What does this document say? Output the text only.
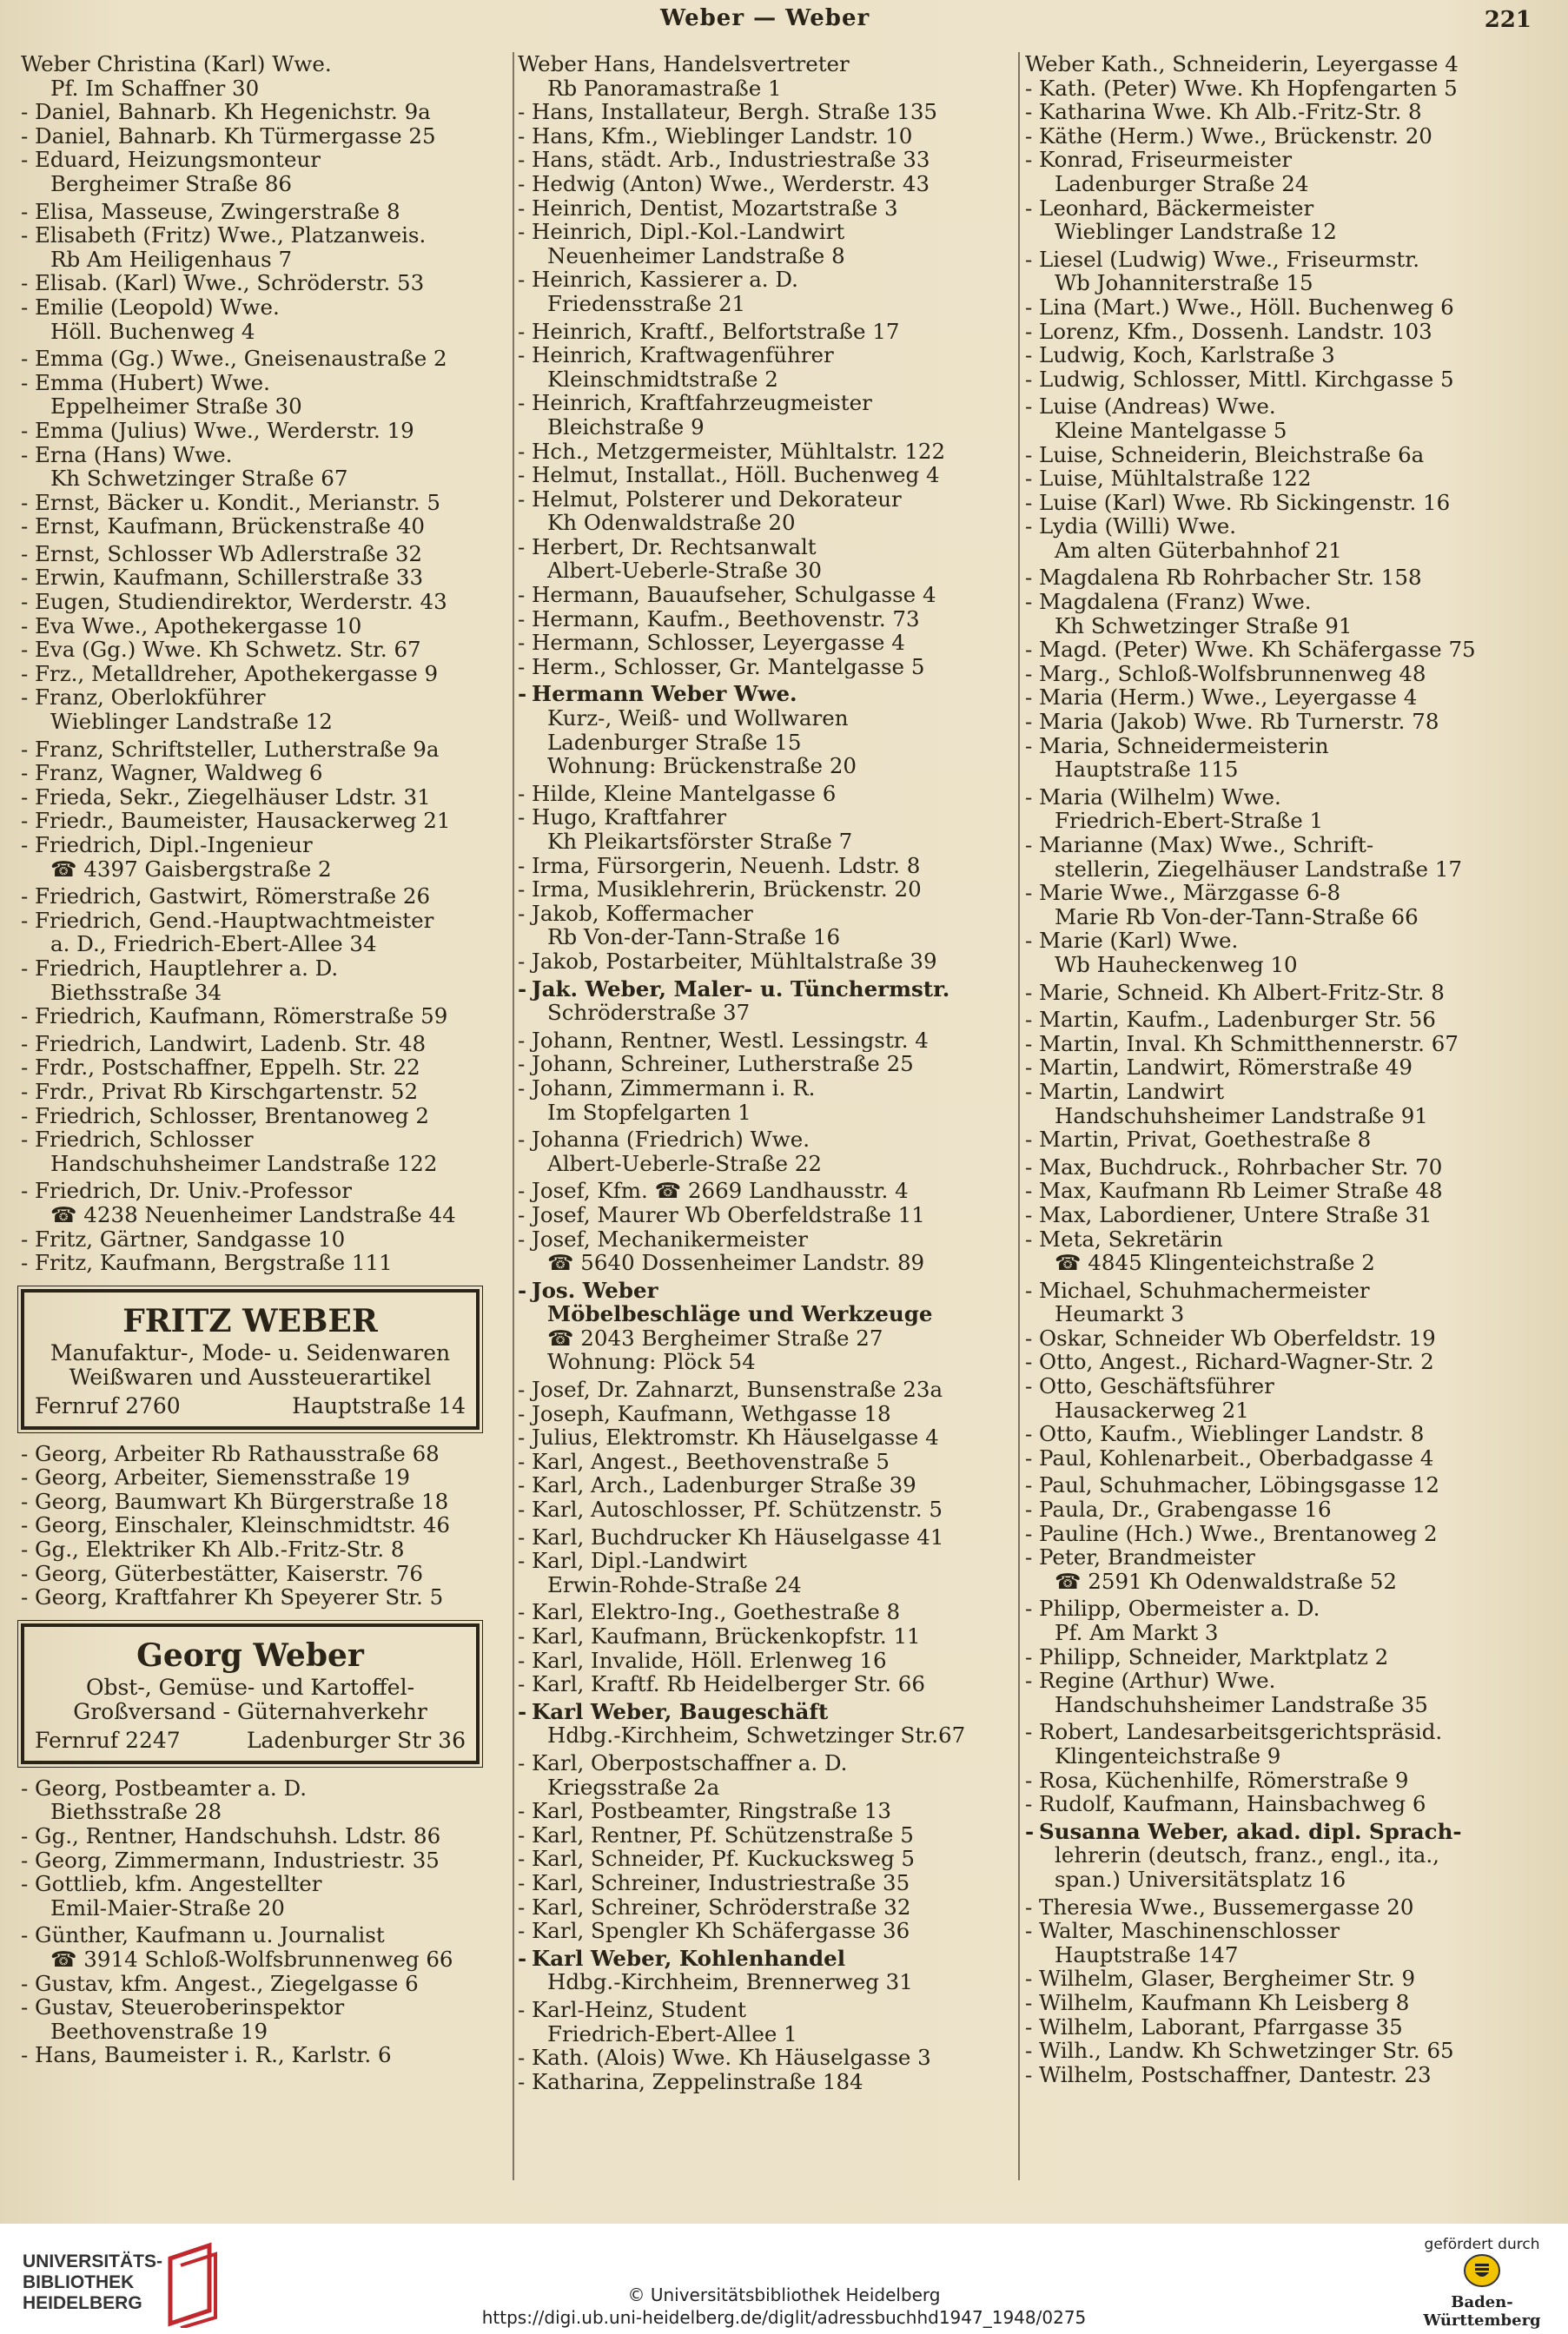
Weber — Weber	221
Weber Christina (Karl) Wwe.
Pf. Im Schaffner 30
- Daniel, Bahnarb. Kh Hegenichstr. 9a
- Daniel, Bahnarb. Kh Türmergasse 25
- Eduard, Heizungsmonteur
Bergheimer Straße 86
- Elisa, Masseuse, Zwingerstraße 8
- Elisabeth (Fritz) Wwe., Platzanweis.
Rb Am Heiligenhaus 7
- Elisab. (Karl) Wwe., Schröderstr. 53
- Emilie (Leopold) Wwe.
Höll. Buchenweg 4
- Emma (Gg.) Wwe., Gneisenaustraße 2
- Emma (Hubert) Wwe.
Eppelheimer Straße 30
- Emma (Julius) Wwe., Werderstr. 19
- Erna (Hans) Wwe.
Kh Schwetzinger Straße 67
- Ernst, Bäcker u. Kondit., Merianstr. 5
- Ernst, Kaufmann, Brückenstraße 40
- Ernst, Schlosser Wb Adlerstraße 32
- Erwin, Kaufmann, Schillerstraße 33
- Eugen, Studiendirektor, Werderstr. 43
- Eva Wwe., Apothekergasse 10
- Eva (Gg.) Wwe. Kh Schwetz. Str. 67
- Frz., Metalldreher, Apothekergasse 9
- Franz, Oberlokführer
Wieblinger Landstraße 12
- Franz, Schriftsteller, Lutherstraße 9a
- Franz, Wagner, Waldweg 6
- Frieda, Sekr., Ziegelhäuser Ldstr. 31
- Friedr., Baumeister, Hausackerweg 21
- Friedrich, Dipl.-Ingenieur
☎ 4397 Gaisbergstraße 2
- Friedrich, Gastwirt, Römerstraße 26
- Friedrich, Gend.-Hauptwachtmeister
a. D., Friedrich-Ebert-Allee 34
- Friedrich, Hauptlehrer a. D.
Biethsstraße 34
- Friedrich, Kaufmann, Römerstraße 59
- Friedrich, Landwirt, Ladenb. Str. 48
- Frdr., Postschaffner, Eppelh. Str. 22
- Frdr., Privat Rb Kirschgartenstr. 52
- Friedrich, Schlosser, Brentanoweg 2
- Friedrich, Schlosser
Handschuhsheimer Landstraße 122
- Friedrich, Dr. Univ.-Professor
☎ 4238 Neuenheimer Landstraße 44
- Fritz, Gärtner, Sandgasse 10
- Fritz, Kaufmann, Bergstraße 111
FRITZ WEBER
Manufaktur-, Mode- u. Seidenwaren
Weißwaren und Aussteuerartikel
Fernruf 2760	Hauptstraße 14
- Georg, Arbeiter Rb Rathausstraße 68
- Georg, Arbeiter, Siemensstraße 19
- Georg, Baumwart Kh Bürgerstraße 18
- Georg, Einschaler, Kleinschmidtstr. 46
- Gg., Elektriker Kh Alb.-Fritz-Str. 8
- Georg, Güterbestätter, Kaiserstr. 76
- Georg, Kraftfahrer Kh Speyerer Str. 5
Georg Weber
Obst-, Gemüse- und Kartoffel-
Großversand - Güternahverkehr
Fernruf 2247	Ladenburger Str 36
- Georg, Postbeamter a. D.
Biethsstraße 28
- Gg., Rentner, Handschuhsh. Ldstr. 86
- Georg, Zimmermann, Industriestr. 35
- Gottlieb, kfm. Angestellter
Emil-Maier-Straße 20
- Günther, Kaufmann u. Journalist
☎ 3914 Schloß-Wolfsbrunnenweg 66
- Gustav, kfm. Angest., Ziegelgasse 6
- Gustav, Steueroberinspektor
Beethovenstraße 19
- Hans, Baumeister i. R., Karlstr. 6
Weber Hans, Handelsvertreter
Rb Panoramastraße 1
- Hans, Installateur, Bergh. Straße 135
- Hans, Kfm., Wieblinger Landstr. 10
- Hans, städt. Arb., Industriestraße 33
- Hedwig (Anton) Wwe., Werderstr. 43
- Heinrich, Dentist, Mozartstraße 3
- Heinrich, Dipl.-Kol.-Landwirt
Neuenheimer Landstraße 8
- Heinrich, Kassierer a. D.
Friedensstraße 21
- Heinrich, Kraftf., Belfortstraße 17
- Heinrich, Kraftwagenführer
Kleinschmidtstraße 2
- Heinrich, Kraftfahrzeugmeister
Bleichstraße 9
- Hch., Metzgermeister, Mühltalstr. 122
- Helmut, Installat., Höll. Buchenweg 4
- Helmut, Polsterer und Dekorateur
Kh Odenwaldstraße 20
- Herbert, Dr. Rechtsanwalt
Albert-Ueberle-Straße 30
- Hermann, Bauaufseher, Schulgasse 4
- Hermann, Kaufm., Beethovenstr. 73
- Hermann, Schlosser, Leyergasse 4
- Herm., Schlosser, Gr. Mantelgasse 5
- Hermann Weber Wwe.
Kurz-, Weiß- und Wollwaren
Ladenburger Straße 15
Wohnung: Brückenstraße 20
- Hilde, Kleine Mantelgasse 6
- Hugo, Kraftfahrer
Kh Pleikartsförster Straße 7
- Irma, Fürsorgerin, Neuenh. Ldstr. 8
- Irma, Musiklehrerin, Brückenstr. 20
- Jakob, Koffermacher
Rb Von-der-Tann-Straße 16
- Jakob, Postarbeiter, Mühltalstraße 39
- Jak. Weber, Maler- u. Tünchermstr.
Schröderstraße 37
- Johann, Rentner, Westl. Lessingstr. 4
- Johann, Schreiner, Lutherstraße 25
- Johann, Zimmermann i. R.
Im Stopfelgarten 1
- Johanna (Friedrich) Wwe.
Albert-Ueberle-Straße 22
- Josef, Kfm. ☎ 2669 Landhausstr. 4
- Josef, Maurer Wb Oberfeldstraße 11
- Josef, Mechanikermeister
☎ 5640 Dossenheimer Landstr. 89
- Jos. Weber
Möbelbeschläge und Werkzeuge
☎ 2043 Bergheimer Straße 27
Wohnung: Plöck 54
- Josef, Dr. Zahnarzt, Bunsenstraße 23a
- Joseph, Kaufmann, Wethgasse 18
- Julius, Elektromstr. Kh Häuselgasse 4
- Karl, Angest., Beethovenstraße 5
- Karl, Arch., Ladenburger Straße 39
- Karl, Autoschlosser, Pf. Schützenstr. 5
- Karl, Buchdrucker Kh Häuselgasse 41
- Karl, Dipl.-Landwirt
Erwin-Rohde-Straße 24
- Karl, Elektro-Ing., Goethestraße 8
- Karl, Kaufmann, Brückenkopfstr. 11
- Karl, Invalide, Höll. Erlenweg 16
- Karl, Kraftf. Rb Heidelberger Str. 66
- Karl Weber, Baugeschäft
Hdbg.-Kirchheim, Schwetzinger Str.67
- Karl, Oberpostschaffner a. D.
Kriegsstraße 2a
- Karl, Postbeamter, Ringstraße 13
- Karl, Rentner, Pf. Schützenstraße 5
- Karl, Schneider, Pf. Kuckucksweg 5
- Karl, Schreiner, Industriestraße 35
- Karl, Schreiner, Schröderstraße 32
- Karl, Spengler Kh Schäfergasse 36
- Karl Weber, Kohlenhandel
Hdbg.-Kirchheim, Brennerweg 31
- Karl-Heinz, Student
Friedrich-Ebert-Allee 1
- Kath. (Alois) Wwe. Kh Häuselgasse 3
- Katharina, Zeppelinstraße 184
Weber Kath., Schneiderin, Leyergasse 4
- Kath. (Peter) Wwe. Kh Hopfengarten 5
- Katharina Wwe. Kh Alb.-Fritz-Str. 8
- Käthe (Herm.) Wwe., Brückenstr. 20
- Konrad, Friseurmeister
Ladenburger Straße 24
- Leonhard, Bäckermeister
Wieblinger Landstraße 12
- Liesel (Ludwig) Wwe., Friseurmstr.
Wb Johanniterstraße 15
- Lina (Mart.) Wwe., Höll. Buchenweg 6
- Lorenz, Kfm., Dossenh. Landstr. 103
- Ludwig, Koch, Karlstraße 3
- Ludwig, Schlosser, Mittl. Kirchgasse 5
- Luise (Andreas) Wwe.
Kleine Mantelgasse 5
- Luise, Schneiderin, Bleichstraße 6a
- Luise, Mühltalstraße 122
- Luise (Karl) Wwe. Rb Sickingenstr. 16
- Lydia (Willi) Wwe.
Am alten Güterbahnhof 21
- Magdalena Rb Rohrbacher Str. 158
- Magdalena (Franz) Wwe.
Kh Schwetzinger Straße 91
- Magd. (Peter) Wwe. Kh Schäfergasse 75
- Marg., Schloß-Wolfsbrunnenweg 48
- Maria (Herm.) Wwe., Leyergasse 4
- Maria (Jakob) Wwe. Rb Turnerstr. 78
- Maria, Schneidermeisterin
Hauptstraße 115
- Maria (Wilhelm) Wwe.
Friedrich-Ebert-Straße 1
- Marianne (Max) Wwe., Schrift-
stellerin, Ziegelhäuser Landstraße 17
- Marie Wwe., Märzgasse 6-8
Marie Rb Von-der-Tann-Straße 66
- Marie (Karl) Wwe.
Wb Hauheckenweg 10
- Marie, Schneid. Kh Albert-Fritz-Str. 8
- Martin, Kaufm., Ladenburger Str. 56
- Martin, Inval. Kh Schmitthennerstr. 67
- Martin, Landwirt, Römerstraße 49
- Martin, Landwirt
Handschuhsheimer Landstraße 91
- Martin, Privat, Goethestraße 8
- Max, Buchdruck., Rohrbacher Str. 70
- Max, Kaufmann Rb Leimer Straße 48
- Max, Labordiener, Untere Straße 31
- Meta, Sekretärin
☎ 4845 Klingenteichstraße 2
- Michael, Schuhmachermeister
Heumarkt 3
- Oskar, Schneider Wb Oberfeldstr. 19
- Otto, Angest., Richard-Wagner-Str. 2
- Otto, Geschäftsführer
Hausackerweg 21
- Otto, Kaufm., Wieblinger Landstr. 8
- Paul, Kohlenarbeit., Oberbadgasse 4
- Paul, Schuhmacher, Löbingsgasse 12
- Paula, Dr., Grabengasse 16
- Pauline (Hch.) Wwe., Brentanoweg 2
- Peter, Brandmeister
☎ 2591 Kh Odenwaldstraße 52
- Philipp, Obermeister a. D.
Pf. Am Markt 3
- Philipp, Schneider, Marktplatz 2
- Regine (Arthur) Wwe.
Handschuhsheimer Landstraße 35
- Robert, Landesarbeitsgerichtspräsid.
Klingenteichstraße 9
- Rosa, Küchenhilfe, Römerstraße 9
- Rudolf, Kaufmann, Hainsbachweg 6
- Susanna Weber, akad. dipl. Sprach-
lehrerin (deutsch, franz., engl., ita.,
span.) Universitätsplatz 16
- Theresia Wwe., Bussemergasse 20
- Walter, Maschinenschlosser
Hauptstraße 147
- Wilhelm, Glaser, Bergheimer Str. 9
- Wilhelm, Kaufmann Kh Leisberg 8
- Wilhelm, Laborant, Pfarrgasse 35
- Wilh., Landw. Kh Schwetzinger Str. 65
- Wilhelm, Postschaffner, Dantestr. 23
UNIVERSITÄTS-
BIBLIOTHEK
HEIDELBERG	© Universitätsbibliothek Heidelberg
https://digi.ub.uni-heidelberg.de/diglit/adressbuchhd1947_1948/0275
gefördert durch
Baden-Württemberg
